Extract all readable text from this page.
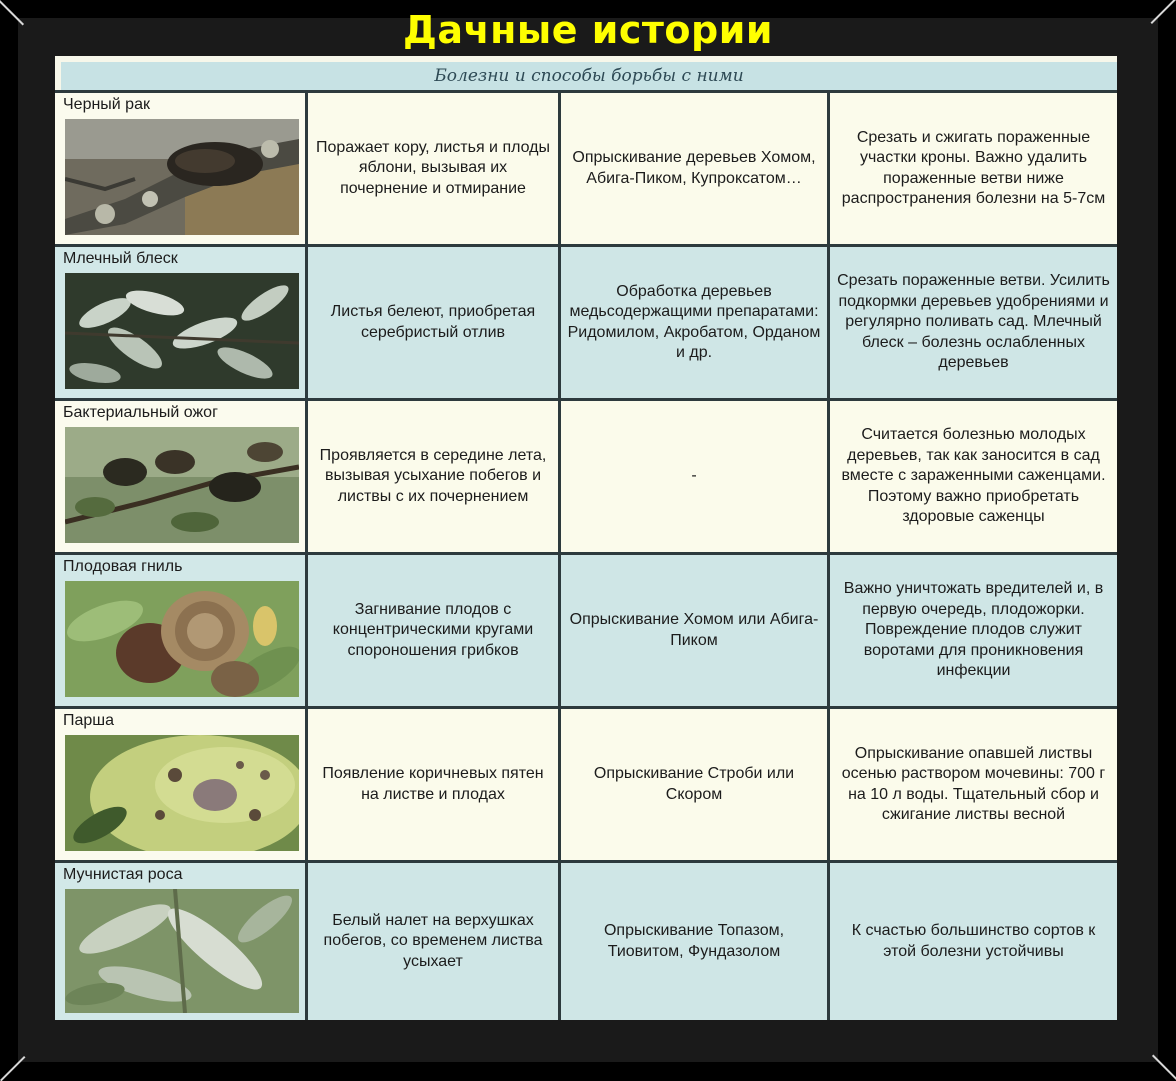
Дачные истории
Болезни и способы борьбы с ними
Черный рак
Поражает кору, листья и плоды яблони, вызывая их почернение и отмирание
Опрыскивание деревьев Хомом, Абига-Пиком, Купроксатом…
Срезать и сжигать пораженные участки кроны. Важно удалить пораженные ветви ниже распространения болезни на 5-7см
Млечный блеск
Листья белеют, приобретая серебристый отлив
Обработка деревьев медьсодержащими препаратами: Ридомилом, Акробатом, Орданом и др.
Срезать пораженные ветви. Усилить подкормки деревьев удобрениями и регулярно поливать сад. Млечный блеск – болезнь ослабленных деревьев
Бактериальный ожог
Проявляется в середине лета, вызывая усыхание побегов и листвы с их почернением
-
Считается болезнью молодых деревьев, так как заносится в сад вместе с зараженными саженцами. Поэтому важно приобретать здоровые саженцы
Плодовая гниль
Загнивание плодов с концентрическими кругами спороношения грибков
Опрыскивание Хомом или Абига-Пиком
Важно уничтожать вредителей и, в первую очередь, плодожорки. Повреждение плодов служит воротами для проникновения инфекции
Парша
Появление коричневых пятен на листве и плодах
Опрыскивание Строби или Скором
Опрыскивание опавшей листвы осенью раствором мочевины: 700 г на 10 л воды. Тщательный сбор и сжигание листвы весной
Мучнистая роса
Белый налет на верхушках побегов, со временем листва усыхает
Опрыскивание Топазом, Тиовитом, Фундазолом
К счастью большинство сортов к этой болезни устойчивы
